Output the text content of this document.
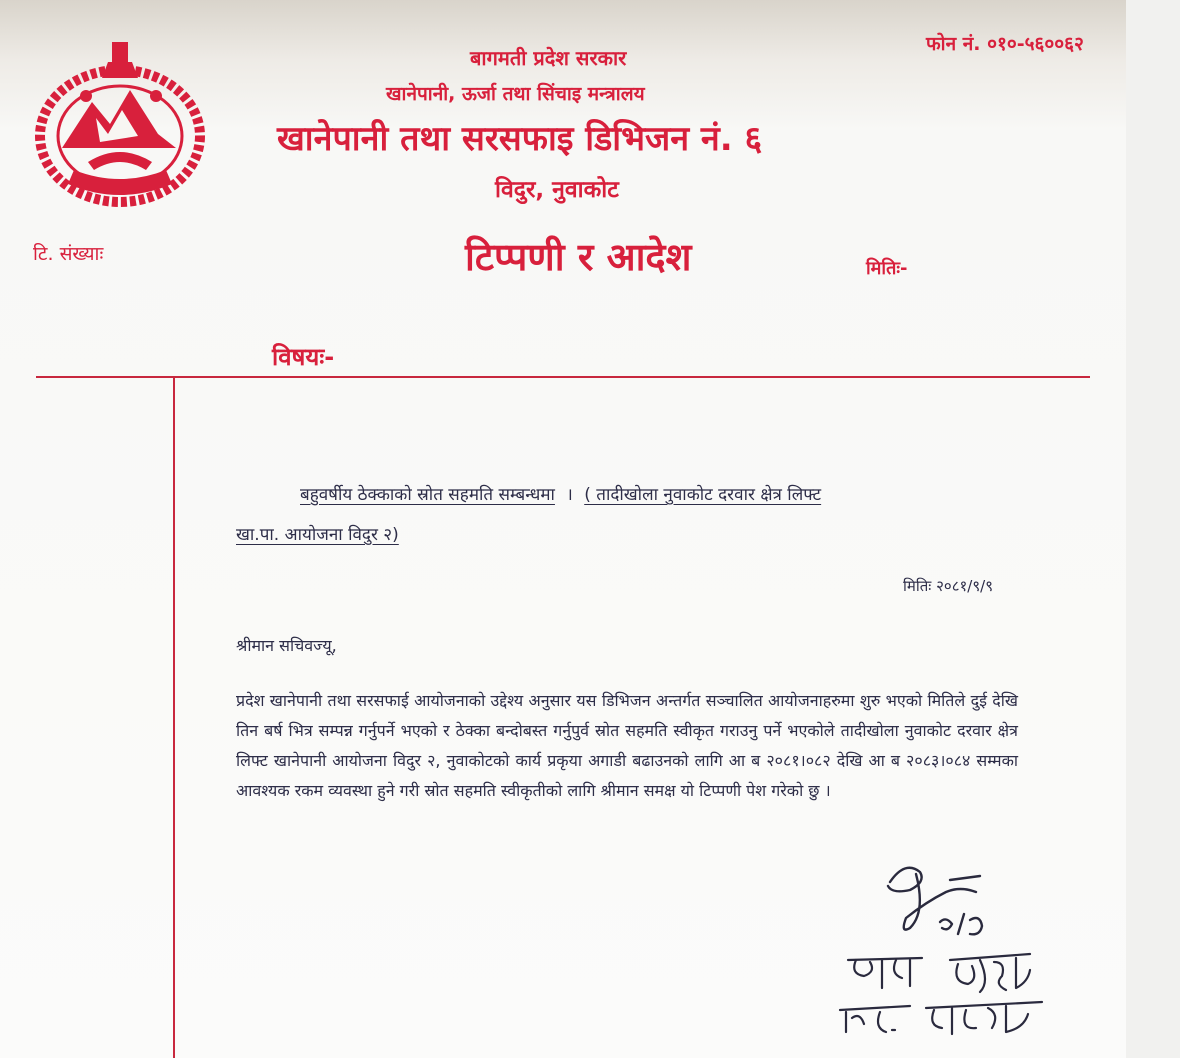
बागमती प्रदेश सरकार
खानेपानी, ऊर्जा तथा सिंचाइ मन्त्रालय
खानेपानी तथा सरसफाइ डिभिजन नं. ६
विदुर, नुवाकोट
फोन नं. ०१०-५६००६२
टि. संख्याः	टिप्पणी र आदेश	मितिः-
विषयः-
बहुवर्षीय ठेक्काको स्रोत सहमति सम्बन्धमा । ( तादीखोला नुवाकोट दरवार क्षेत्र लिफ्ट
खा.पा. आयोजना विदुर २)
मितिः २०८१/९/९
श्रीमान सचिवज्यू,
प्रदेश खानेपानी तथा सरसफाई आयोजनाको उद्देश्य अनुसार यस डिभिजन अन्तर्गत सञ्चालित आयोजनाहरुमा शुरु भएको मितिले दुई देखि तिन बर्ष भित्र सम्पन्न गर्नुपर्ने भएको र ठेक्का बन्दोबस्त गर्नुपुर्व स्रोत सहमति स्वीकृत गराउनु पर्ने भएकोले तादीखोला नुवाकोट दरवार क्षेत्र लिफ्ट खानेपानी आयोजना विदुर २, नुवाकोटको कार्य प्रकृया अगाडी बढाउनको लागि आ ब २०८१।०८२ देखि आ ब २०८३।०८४ सम्मका आवश्यक रकम व्यवस्था हुने गरी स्रोत सहमति स्वीकृतीको लागि श्रीमान समक्ष यो टिप्पणी पेश गरेको छु ।
